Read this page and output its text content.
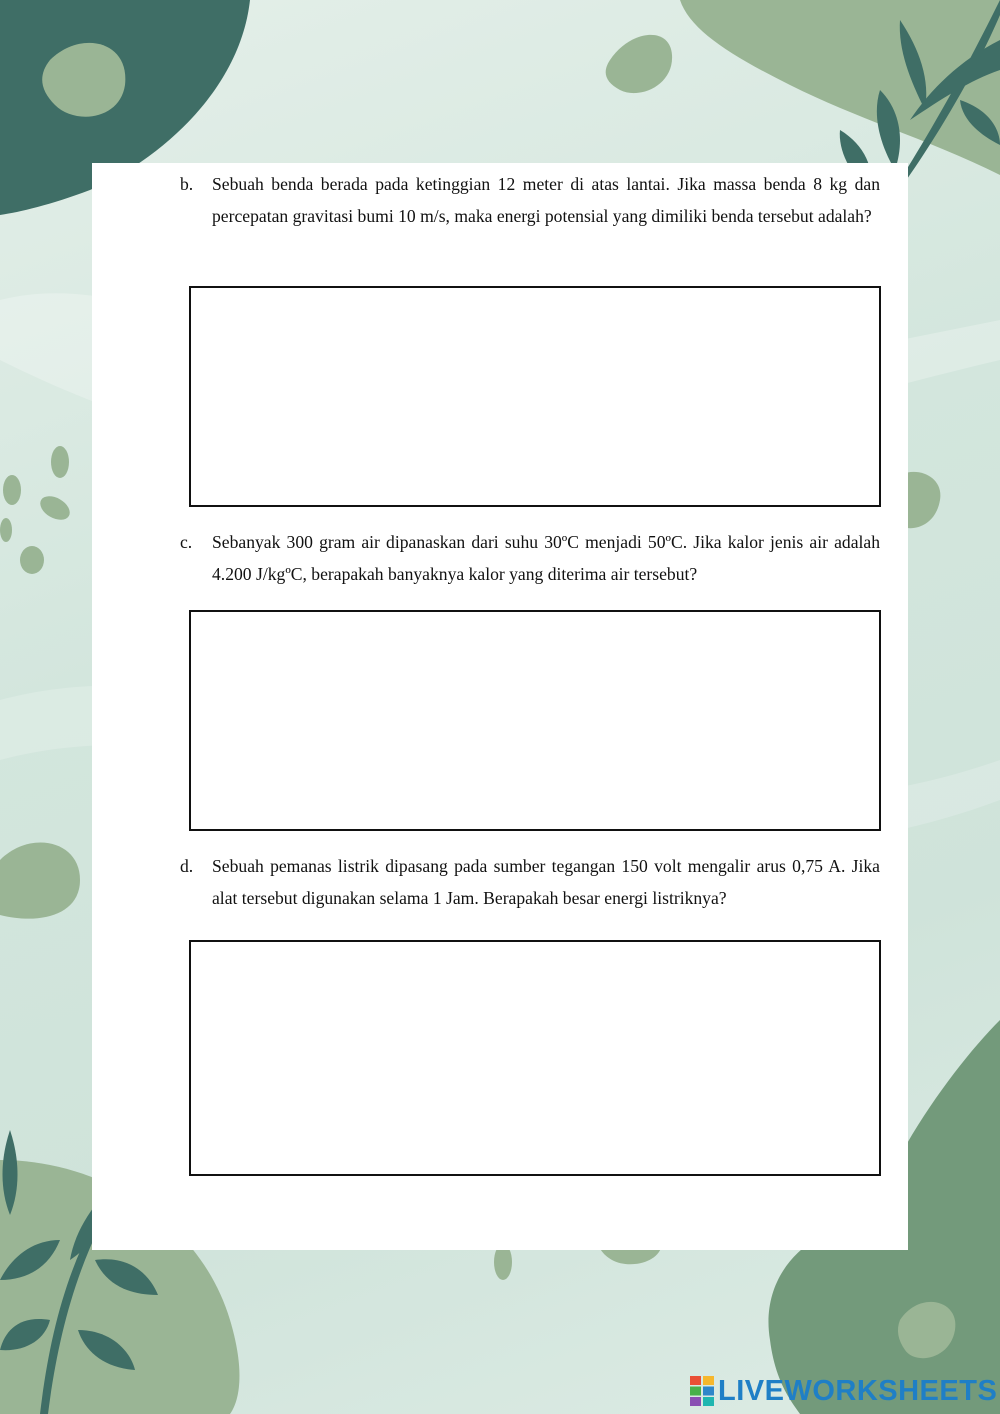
b.	Sebuah benda berada pada ketinggian 12 meter di atas lantai. Jika massa benda 8 kg dan percepatan gravitasi bumi 10 m/s, maka energi potensial yang dimiliki benda tersebut adalah?
c.	Sebanyak 300 gram air dipanaskan dari suhu 30ºC menjadi 50ºC. Jika kalor jenis air adalah 4.200 J/kgºC, berapakah banyaknya kalor yang diterima air tersebut?
d.	Sebuah pemanas listrik dipasang pada sumber tegangan 150 volt mengalir arus 0,75 A. Jika alat tersebut digunakan selama 1 Jam. Berapakah besar energi listriknya?
LIVEWORKSHEETS
